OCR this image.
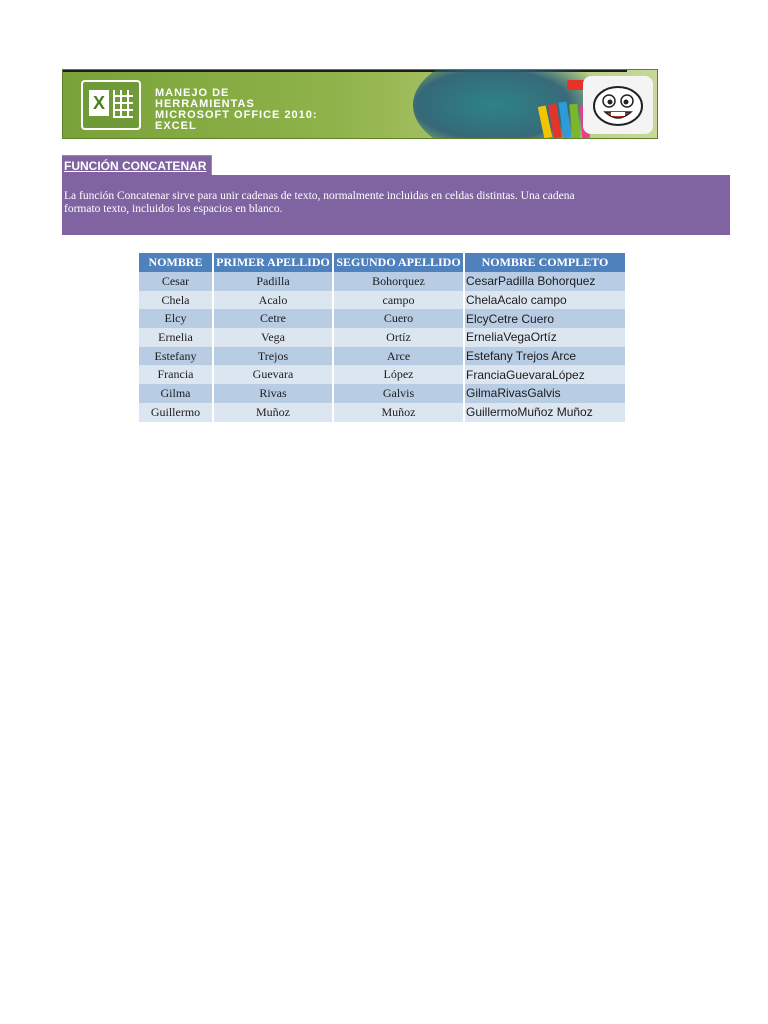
X	MANEJO DE
HERRAMIENTAS
MICROSOFT OFFICE 2010:
EXCEL
FUNCIÓN CONCATENAR
La función Concatenar sirve para unir cadenas de texto, normalmente incluidas en celdas distintas. Una cadena
formato texto, incluidos los espacios en blanco.
NOMBRE	PRIMER APELLIDO	SEGUNDO APELLIDO	NOMBRE COMPLETO
Cesar	Padilla	Bohorquez	CesarPadilla Bohorquez
Chela	Acalo	campo	ChelaAcalo campo
Elcy	Cetre	Cuero	ElcyCetre Cuero
Ernelia	Vega	Ortíz	ErneliaVegaOrtíz
Estefany	Trejos	Arce	Estefany Trejos Arce
Francia	Guevara	López	FranciaGuevaraLópez
Gilma	Rivas	Galvis	GilmaRivasGalvis
Guillermo	Muñoz	Muñoz	GuillermoMuñoz Muñoz
